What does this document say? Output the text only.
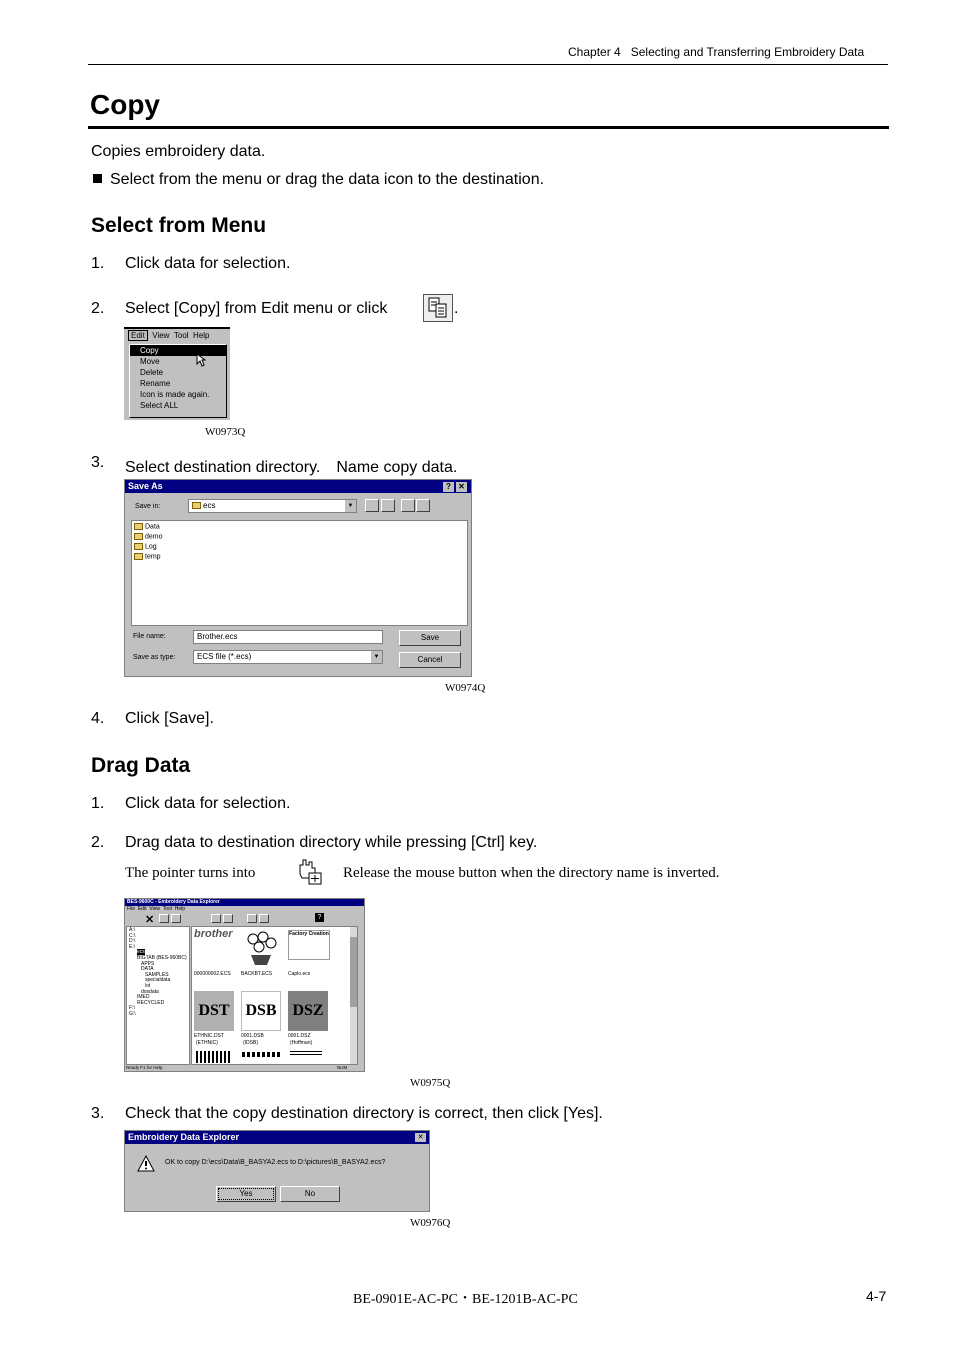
Chapter 4 Selecting and Transferring Embroidery Data
Copy
Copies embroidery data.
Select from the menu or drag the data icon to the destination.
Select from Menu
1. Click data for selection.
2. Select [Copy] from Edit menu or click	.
Edit View Tool Help
Copy
Move
Delete
Rename
Icon is made again.
Select ALL
W0973Q
3. Select destination directory.　Name copy data.
Save As	? ✕
Save in:	ecs	▼
Data
demo
Log
temp
File name:	Brother.ecs
Save as type:	ECS file (*.ecs)	▼
Save
Cancel
W0974Q
4. Click [Save].
Drag Data
1. Click data for selection.
2. Drag data to destination directory while pressing [Ctrl] key.
The pointer turns into	Release the mouse button when the directory name is inverted.
BES-9600C - Embroidery Data Explorer
File Edit View Tool Help
✕	?
A:\
C:\
D:\
E:\
ecs
BIGTAB (BES-960BC)
APPS
DATA
SAMPLES
specialdata
lot
dosdata
IMED
RECYCLED
F:\
G:\
brother	Factory Creation
000000002.ECS BACKBT.ECS	Caplo.ecs
DST DSB DSZ
ETHNIC.DST	0001.DSB	0001.DSZ
(ETHNIC)	(IDSB)	(Hoffman)
Ready F1 for Help	NUM
W0975Q
3. Check that the copy destination directory is correct, then click [Yes].
Embroidery Data Explorer	✕
OK to copy D:\ecs\Data\B_BASYA2.ecs to D:\pictures\B_BASYA2.ecs?
Yes	No
W0976Q
BE-0901E-AC-PC・BE-1201B-AC-PC	4-7
